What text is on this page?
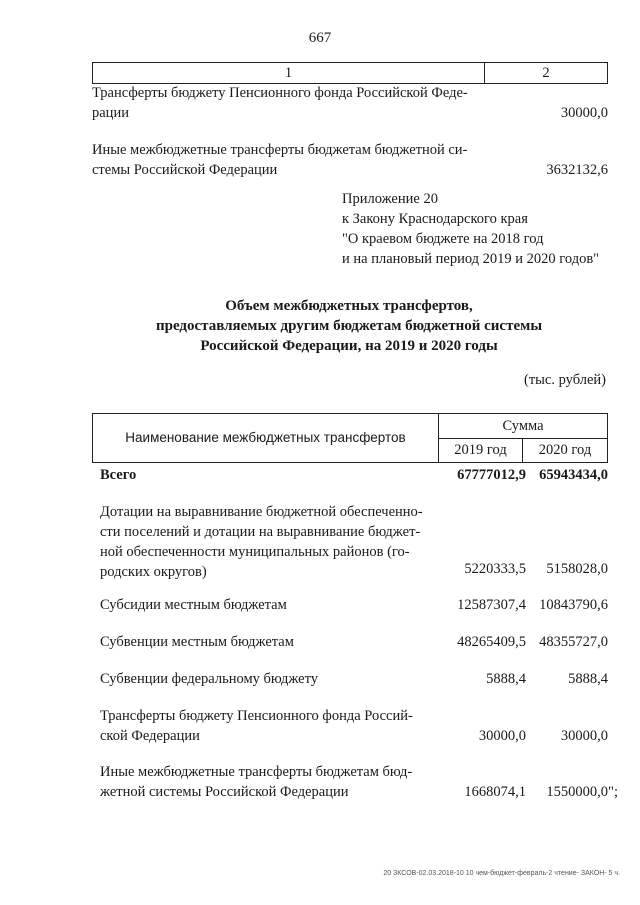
667
1	2
Трансферты бюджету Пенсионного фонда Российской Феде-
рации	30000,0
Иные межбюджетные трансферты бюджетам бюджетной си-
стемы Российской Федерации	3632132,6
Приложение 20
к Закону Краснодарского края
"О краевом бюджете на 2018 год
и на плановый период 2019 и 2020 годов"
Объем межбюджетных трансфертов,
предоставляемых другим бюджетам бюджетной системы
Российской Федерации, на 2019 и 2020 годы
(тыс. рублей)
Наименование межбюджетных трансфертов
Сумма
2019 год	2020 год
Всего	67777012,9 65943434,0
Дотации на выравнивание бюджетной обеспеченно-
сти поселений и дотации на выравнивание бюджет-
ной обеспеченности муниципальных районов (го-
родских округов)	5220333,5	5158028,0
Субсидии местным бюджетам	12587307,4 10843790,6
Субвенции местным бюджетам	48265409,5 48355727,0
Субвенции федеральному бюджету	5888,4	5888,4
Трансферты бюджету Пенсионного фонда Россий-
ской Федерации	30000,0	30000,0
Иные межбюджетные трансферты бюджетам бюд-
жетной системы Российской Федерации	1668074,1	1550000,0";
20 ЗКСОВ-02.03.2018-10 10 чем-бюджет-февраль-2 чтение- ЗАКОН- 5 ч.
